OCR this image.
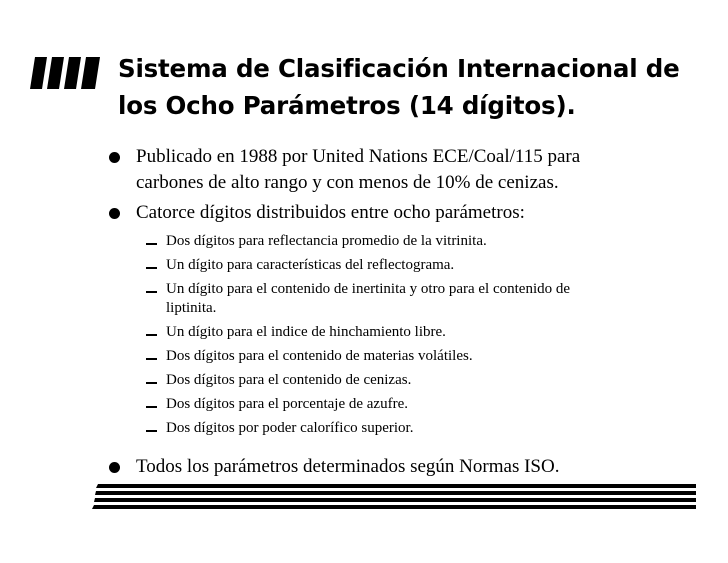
Sistema de Clasificación Internacional de
los Ocho Parámetros (14 dígitos).
Publicado en 1988 por United Nations ECE/Coal/115 para
carbones de alto rango y con menos de 10% de cenizas.
Catorce dígitos distribuidos entre ocho parámetros:
Dos dígitos para reflectancia promedio de la vitrinita.
Un dígito para características del reflectograma.
Un dígito para el contenido de inertinita y otro para el contenido de
liptinita.
Un dígito para el indice de hinchamiento libre.
Dos dígitos para el contenido de materias volátiles.
Dos dígitos para el contenido de cenizas.
Dos dígitos para el porcentaje de azufre.
Dos dígitos por poder calorífico superior.
Todos los parámetros determinados según Normas ISO.
